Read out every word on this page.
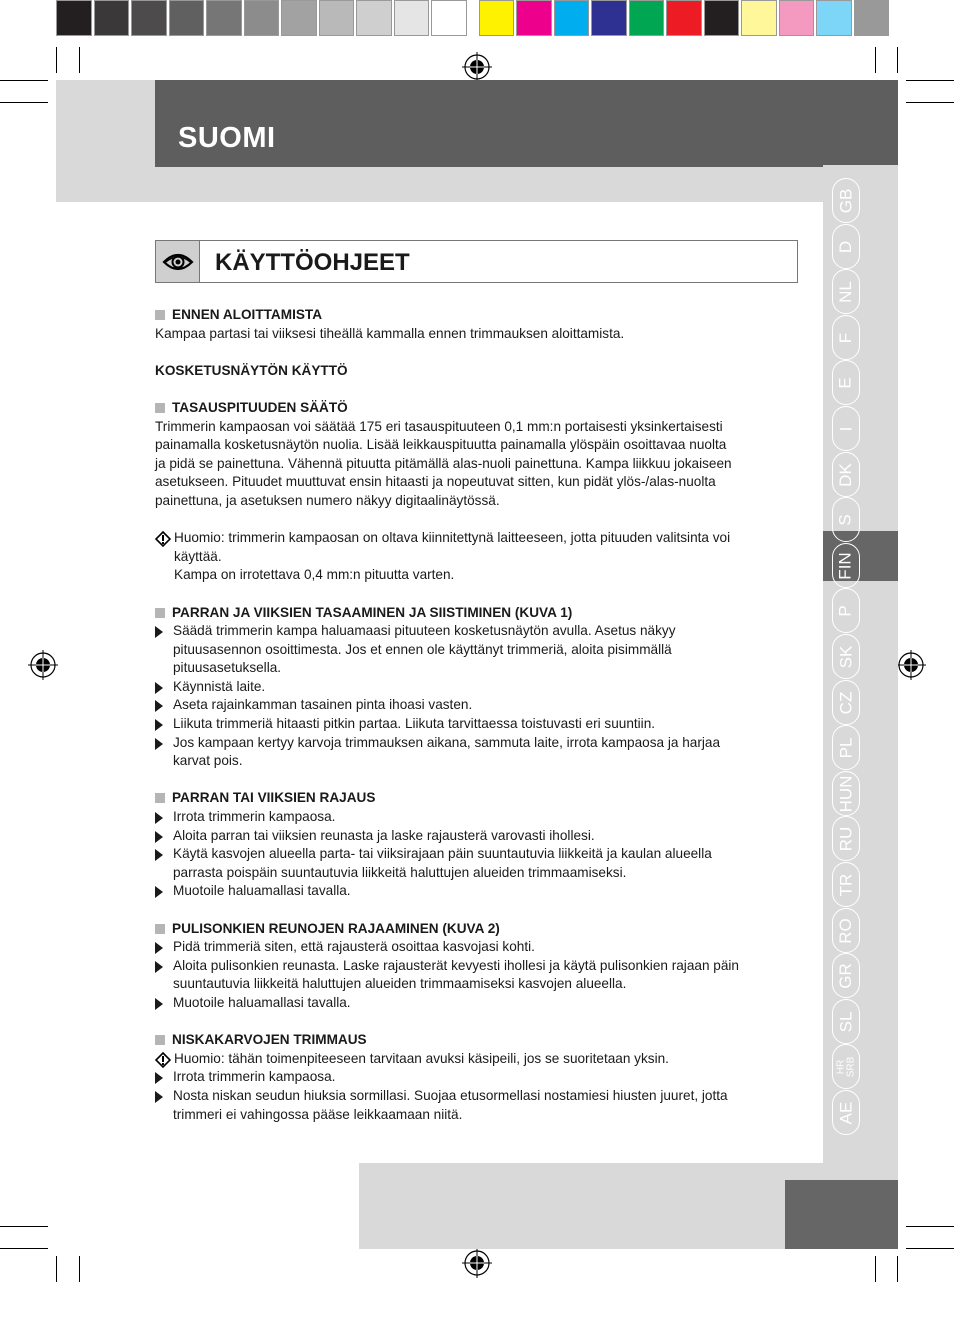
SUOMI
GB
D
NL
F
E
I
DK
S
FIN
P
SK
CZ
PL
HUN
RU
TR
RO
GR
SL
HR
SRB
AE
KÄYTTÖOHJEET

ENNEN ALOITTAMISTA

Kampaa partasi tai viiksesi tiheällä kammalla ennen trimmauksen aloittamista.

KOSKETUSNÄYTÖN KÄYTTÖ

TASAUSPITUUDEN SÄÄTÖ

Trimmerin kampaosan voi säätää 175 eri tasauspituuteen 0,1 mm:n portaisesti yksinkertaisesti

painamalla kosketusnäytön nuolia. Lisää leikkauspituutta painamalla ylöspäin osoittavaa nuolta

ja pidä se painettuna. Vähennä pituutta pitämällä alas-nuoli painettuna. Kampa liikkuu jokaiseen

asetukseen. Pituudet muuttuvat ensin hitaasti ja nopeutuvat sitten, kun pidät ylös-/alas-nuolta

painettuna, ja asetuksen numero näkyy digitaalinäytössä.

Huomio: trimmerin kampaosan on oltava kiinnitettynä laitteeseen, jotta pituuden valitsinta voi

käyttää.

Kampa on irrotettava 0,4 mm:n pituutta varten.

PARRAN JA VIIKSIEN TASAAMINEN JA SIISTIMINEN (KUVA 1)

Säädä trimmerin kampa haluamaasi pituuteen kosketusnäytön avulla. Asetus näkyy

pituusasennon osoittimesta. Jos et ennen ole käyttänyt trimmeriä, aloita pisimmällä

pituusasetuksella.

Käynnistä laite.

Aseta rajainkamman tasainen pinta ihoasi vasten.

Liikuta trimmeriä hitaasti pitkin partaa. Liikuta tarvittaessa toistuvasti eri suuntiin.

Jos kampaan kertyy karvoja trimmauksen aikana, sammuta laite, irrota kampaosa ja harjaa

karvat pois.

PARRAN TAI VIIKSIEN RAJAUS

Irrota trimmerin kampaosa.

Aloita parran tai viiksien reunasta ja laske rajausterä varovasti ihollesi.

Käytä kasvojen alueella parta- tai viiksirajaan päin suuntautuvia liikkeitä ja kaulan alueella

parrasta poispäin suuntautuvia liikkeitä haluttujen alueiden trimmaamiseksi.

Muotoile haluamallasi tavalla.

PULISONKIEN REUNOJEN RAJAAMINEN (KUVA 2)

Pidä trimmeriä siten, että rajausterä osoittaa kasvojasi kohti.

Aloita pulisonkien reunasta. Laske rajausterät kevyesti ihollesi ja käytä pulisonkien rajaan päin

suuntautuvia liikkeitä haluttujen alueiden trimmaamiseksi kasvojen alueella.

Muotoile haluamallasi tavalla.

NISKAKARVOJEN TRIMMAUS

Huomio: tähän toimenpiteeseen tarvitaan avuksi käsipeili, jos se suoritetaan yksin.

Irrota trimmerin kampaosa.

Nosta niskan seudun hiuksia sormillasi. Suojaa etusormellasi nostamiesi hiusten juuret, jotta

trimmeri ei vahingossa pääse leikkaamaan niitä.
